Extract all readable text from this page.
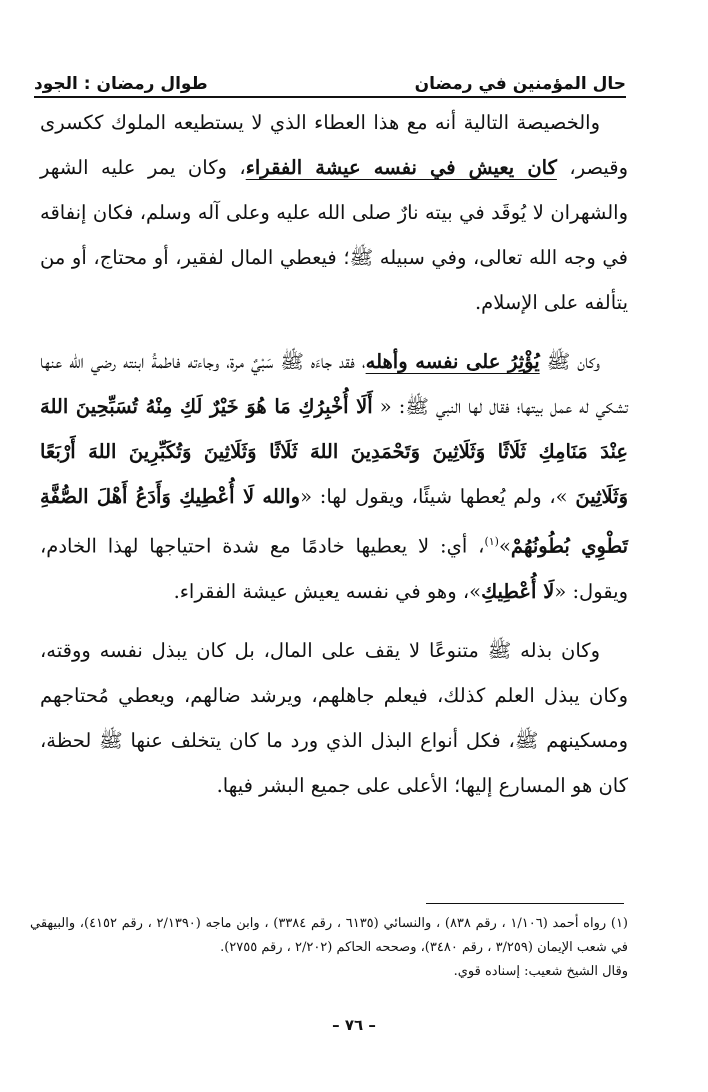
حال المؤمنين في رمضان
طوال رمضان : الجود

والخصيصة التالية أنه مع هذا العطاء الذي لا يستطيعه الملوك ككسرى وقيصر، كان يعيش في نفسه عيشة الفقراء، وكان يمر عليه الشهر والشهران لا يُوقَد في بيته نارٌ صلى الله عليه وعلى آله وسلم، فكان إنفاقه في وجه الله تعالى، وفي سبيله ﷺ؛ فيعطي المال لفقير، أو محتاج، أو من يتألفه على الإسلام.

وكان ﷺ يُؤْثِرُ على نفسه وأهله، فقد جاءَه ﷺ سَبْيٌ مرة، وجاءته فاطمةُ ابنته رضي الله عنها تشكي له عمل بيتها؛ فقال لها النبي ﷺ: « أَلَا أُخْبِرُكِ مَا هُوَ خَيْرٌ لَكِ مِنْهُ تُسَبِّحِينَ اللهَ عِنْدَ مَنَامِكِ ثَلَاثًا وَثَلَاثِينَ وَتَحْمَدِينَ اللهَ ثَلَاثًا وَثَلَاثِينَ وَتُكَبِّرِينَ اللهَ أَرْبَعًا وَثَلَاثِينَ »، ولم يُعطها شيئًا، ويقول لها: «والله لَا أُعْطِيكِ وَأَدَعُ أَهْلَ الصُّفَّةِ تَطْوِي بُطُونُهُمْ»$^{(١)}$، أي: لا يعطيها خادمًا مع شدة احتياجها لهذا الخادم، ويقول: «لَا أُعْطِيكِ»، وهو في نفسه يعيش عيشة الفقراء.

وكان بذله ﷺ متنوعًا لا يقف على المال، بل كان يبذل نفسه ووقته، وكان يبذل العلم كذلك، فيعلم جاهلهم، ويرشد ضالهم، ويعطي مُحتاجهم ومسكينهم ﷺ، فكل أنواع البذل الذي ورد ما كان يتخلف عنها ﷺ لحظة، كان هو المسارع إليها؛ الأعلى على جميع البشر فيها.

(١) رواه أحمد (١/١٠٦ ، رقم ٨٣٨) ، والنسائي (٦١٣٥ ، رقم ٣٣٨٤) ، وابن ماجه (٢/١٣٩٠ ، رقم ٤١٥٢)، والبيهقي في شعب الإيمان (٣/٢٥٩ ، رقم ٣٤٨٠)، وصححه الحاكم (٢/٢٠٢ ، رقم ٢٧٥٥).

وقال الشيخ شعيب: إسناده قوي.

– ٧٦ –
